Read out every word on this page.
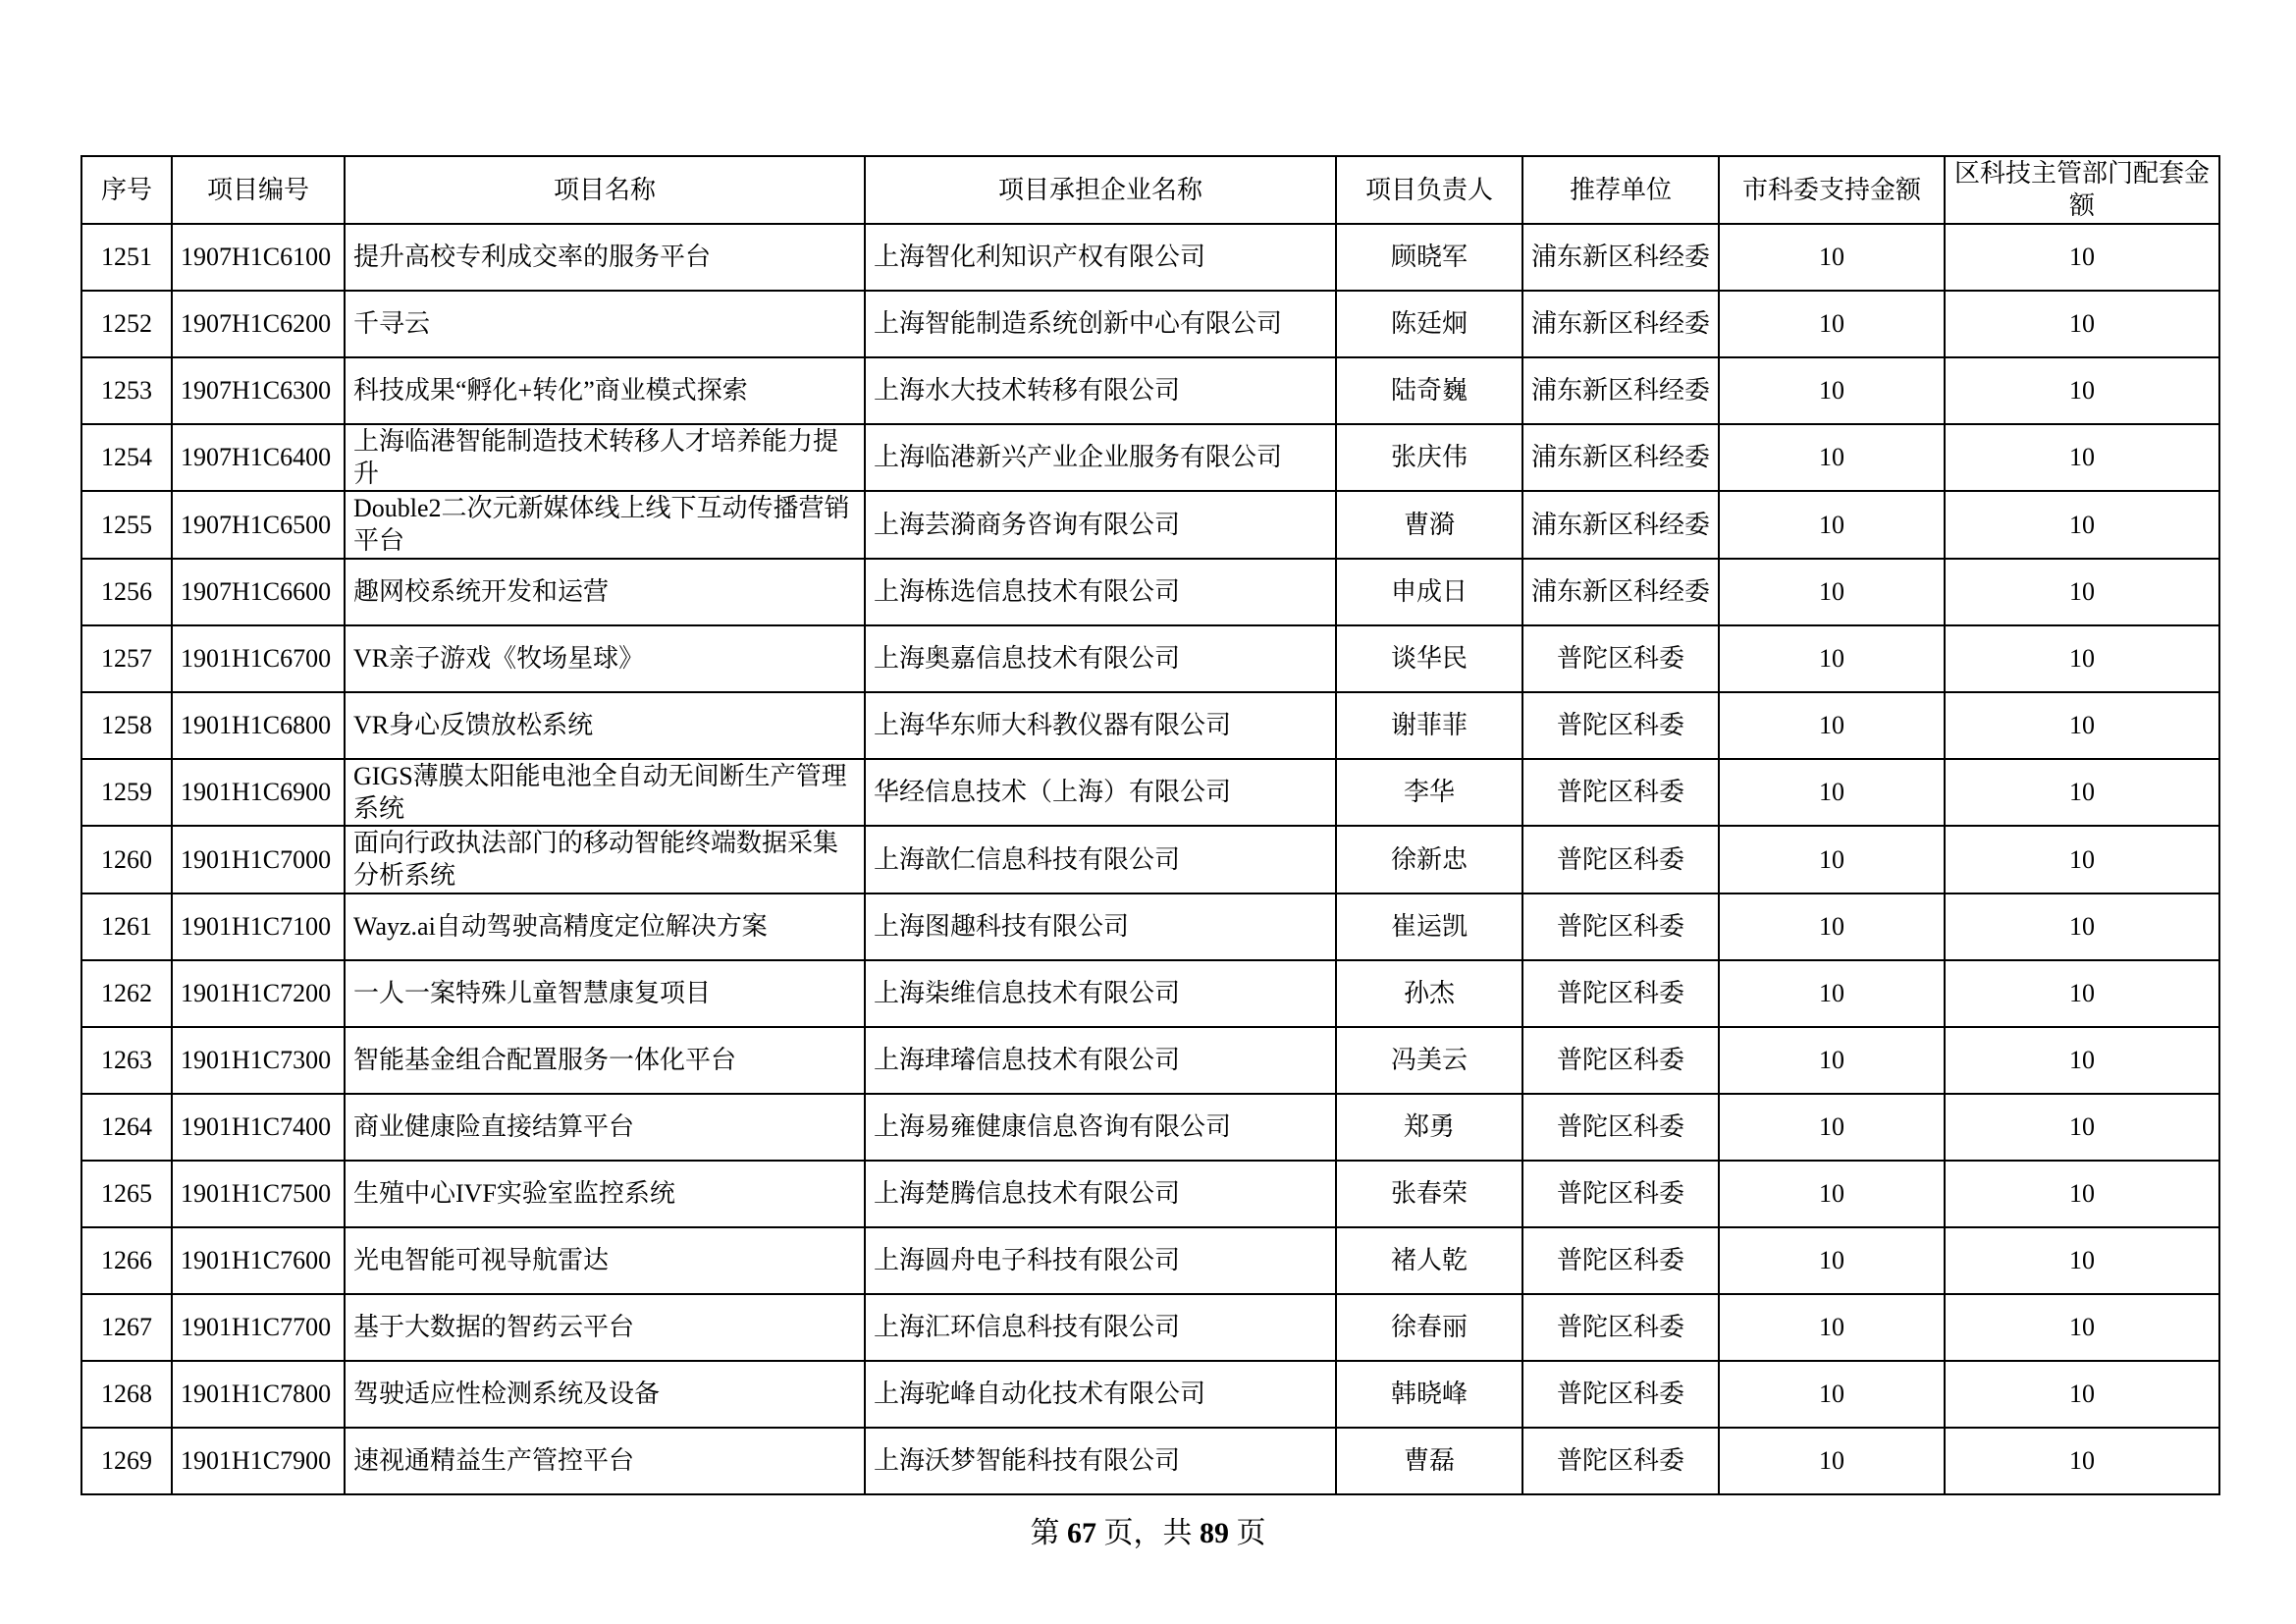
序号	项目编号	项目名称	项目承担企业名称	项目负责人	推荐单位	市科委支持金额	区科技主管部门配套金额
1251	1907H1C6100	提升高校专利成交率的服务平台	上海智化利知识产权有限公司	顾晓军	浦东新区科经委	10	10
1252	1907H1C6200	千寻云	上海智能制造系统创新中心有限公司	陈廷炯	浦东新区科经委	10	10
1253	1907H1C6300	科技成果“孵化+转化”商业模式探索	上海水大技术转移有限公司	陆奇巍	浦东新区科经委	10	10
1254	1907H1C6400	上海临港智能制造技术转移人才培养能力提升	上海临港新兴产业企业服务有限公司	张庆伟	浦东新区科经委	10	10
1255	1907H1C6500	Double2二次元新媒体线上线下互动传播营销平台	上海芸漪商务咨询有限公司	曹漪	浦东新区科经委	10	10
1256	1907H1C6600	趣网校系统开发和运营	上海栋选信息技术有限公司	申成日	浦东新区科经委	10	10
1257	1901H1C6700	VR亲子游戏《牧场星球》	上海奥嘉信息技术有限公司	谈华民	普陀区科委	10	10
1258	1901H1C6800	VR身心反馈放松系统	上海华东师大科教仪器有限公司	谢菲菲	普陀区科委	10	10
1259	1901H1C6900	GIGS薄膜太阳能电池全自动无间断生产管理系统	华经信息技术（上海）有限公司	李华	普陀区科委	10	10
1260	1901H1C7000	面向行政执法部门的移动智能终端数据采集分析系统	上海歆仁信息科技有限公司	徐新忠	普陀区科委	10	10
1261	1901H1C7100	Wayz.ai自动驾驶高精度定位解决方案	上海图趣科技有限公司	崔运凯	普陀区科委	10	10
1262	1901H1C7200	一人一案特殊儿童智慧康复项目	上海柒维信息技术有限公司	孙杰	普陀区科委	10	10
1263	1901H1C7300	智能基金组合配置服务一体化平台	上海珒璿信息技术有限公司	冯美云	普陀区科委	10	10
1264	1901H1C7400	商业健康险直接结算平台	上海易雍健康信息咨询有限公司	郑勇	普陀区科委	10	10
1265	1901H1C7500	生殖中心IVF实验室监控系统	上海楚腾信息技术有限公司	张春荣	普陀区科委	10	10
1266	1901H1C7600	光电智能可视导航雷达	上海圆舟电子科技有限公司	褚人乾	普陀区科委	10	10
1267	1901H1C7700	基于大数据的智药云平台	上海汇环信息科技有限公司	徐春丽	普陀区科委	10	10
1268	1901H1C7800	驾驶适应性检测系统及设备	上海驼峰自动化技术有限公司	韩晓峰	普陀区科委	10	10
1269	1901H1C7900	速视通精益生产管控平台	上海沃梦智能科技有限公司	曹磊	普陀区科委	10	10
第 67 页，共 89 页
